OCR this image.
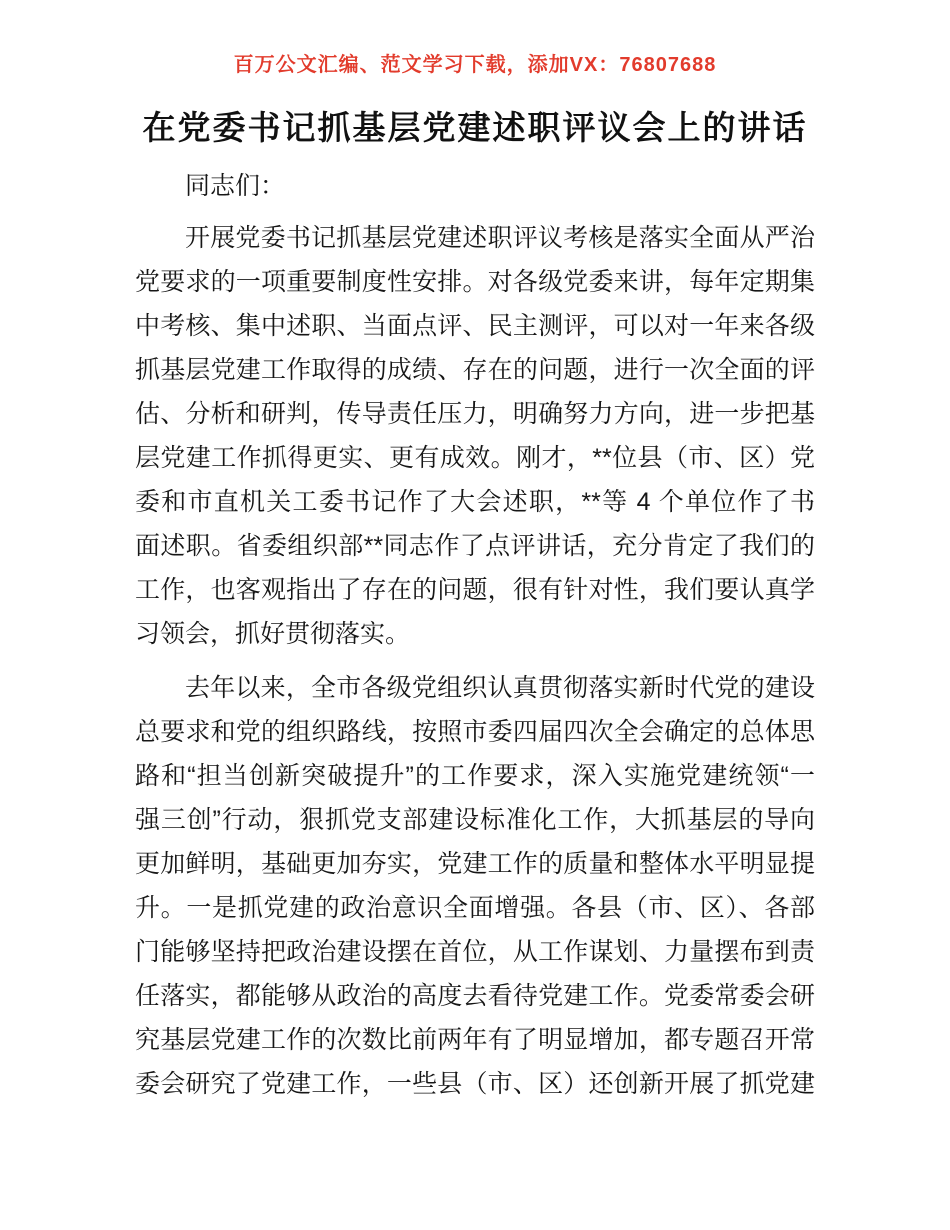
百万公文汇编、范文学习下载，添加VX：76807688
在党委书记抓基层党建述职评议会上的讲话
同志们：
开展党委书记抓基层党建述职评议考核是落实全面从严治
党要求的一项重要制度性安排。对各级党委来讲，每年定期集
中考核、集中述职、当面点评、民主测评，可以对一年来各级
抓基层党建工作取得的成绩、存在的问题，进行一次全面的评
估、分析和研判，传导责任压力，明确努力方向，进一步把基
层党建工作抓得更实、更有成效。刚才，**位县（市、区）党
委和市直机关工委书记作了大会述职，**等 4 个单位作了书
面述职。省委组织部**同志作了点评讲话，充分肯定了我们的
工作，也客观指出了存在的问题，很有针对性，我们要认真学
习领会，抓好贯彻落实。
去年以来，全市各级党组织认真贯彻落实新时代党的建设
总要求和党的组织路线，按照市委四届四次全会确定的总体思
路和“担当创新突破提升”的工作要求，深入实施党建统领“一
强三创”行动，狠抓党支部建设标准化工作，大抓基层的导向
更加鲜明，基础更加夯实，党建工作的质量和整体水平明显提
升。一是抓党建的政治意识全面增强。各县（市、区）、各部
门能够坚持把政治建设摆在首位，从工作谋划、力量摆布到责
任落实，都能够从政治的高度去看待党建工作。党委常委会研
究基层党建工作的次数比前两年有了明显增加，都专题召开常
委会研究了党建工作，一些县（市、区）还创新开展了抓党建
